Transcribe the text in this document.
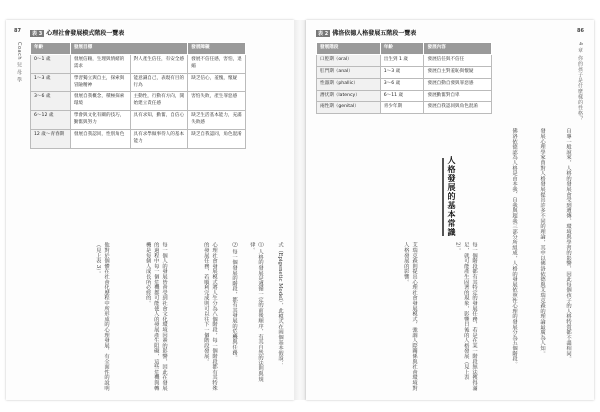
87
Coach 兒 母 學
表 3 心理社會發展模式階段一覽表
年齡	發展目標		發展障礙
0～1 歲	發展信賴，生理與情緒的需求	對人產生信任，有安全感	發展不信任感，害怕，退縮
1～3 歲	學習獨立與自主，探索與冒險精神	能意識自己，表現有目的行為	缺乏信心，羞愧，懷疑
3～6 歲	發展自我概念，積極探索環境	主動性，行動有方向，開始建立責任感	害怕失敗，產生罪惡感
6～12 歲	學會與文化有關的技巧，勤奮與努力	具有求知，勤奮，自信心	缺乏生活基本能力，充滿失敗感
12 歲～青春期	發展自我認同，性別角色	具有求學做事待人的基本能力	缺乏自我認同，角色混淆
式（Epigenetic Model），此模式在兩個基本假設：
⑴ 人格的發展是遵循一定的前後順序，有其自然的法則與規律。
⑵ 每一個發展的階段，都有其發展的危機與任務。
心理社會發展模式將人生分為八個階段，每一個階段都有其特殊的發展任務，若順利完成則可以往下一個階段發展。
每一個人的發展皆會受到社會文化環境因素的影響，因此在發展的過程中每一個危機都可能使人的發展產生阻礙，這些危機與轉機是每個人成長所必經的。
他對於個體在社會化歷程中所形成的心理發展，有全面性的說明（見上表 3）。
86
4 章 你的孩子是什麼樣的性格？
表 2 佛洛依德人格發展五階段一覽表
發展階段	年齡	發展內容
口腔期（oral）	出生到 1 歲	發展信任與不信任
肛門期（anal）	1～3 歲	發展自主對羞恥與懷疑
性器期（phallic）	3～6 歲	發展自動自發與罪惡感
潛伏期（latency）	6～11 歲	發展勤奮對自卑
兩性期（genital）	青少年期	發展自我認同與角色混淆
人格發展的基本常識	自專一般說來，人格的發展會受到遺傳、環境與學習的影響，因此每個孩子的人格特質都不盡相同。
發展心理學家曾對人格發展提出許多不同的理論，其中以佛洛依德與艾瑞克森的理論最廣為人知。
佛洛依德認為人格是由本我、自我與超我三部分所組成，人格的發展依照性心理的發展分為五個階段。
每一個階段都有其特定的發展任務，若是在某一階段無法獲得滿足，就可能產生固著的現象，影響日後的人格發展（見上表 2）。
艾瑞克森則提出心理社會發展模式，強調人際關係與社會環境對人格發展的影響。
